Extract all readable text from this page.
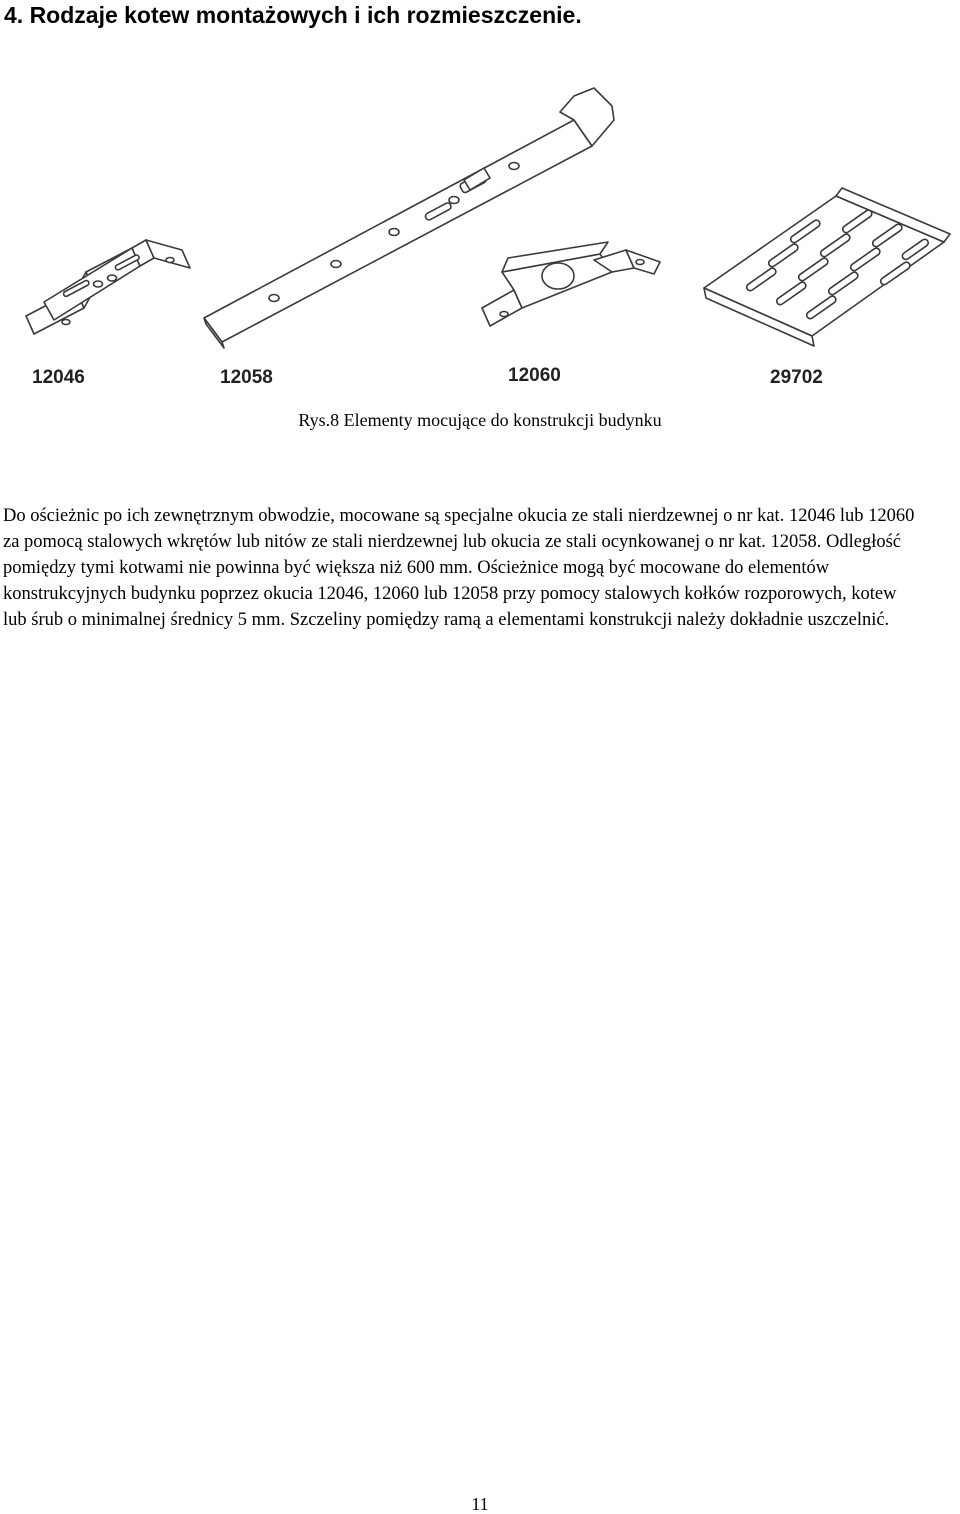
4. Rodzaje kotew montażowych i ich rozmieszczenie.
12046	12058	12060	29702
Rys.8 Elementy mocujące do konstrukcji budynku

Do ościeżnic po ich zewnętrznym obwodzie, mocowane są specjalne okucia ze stali nierdzewnej o nr kat. 12046 lub 12060 za pomocą stalowych wkrętów lub nitów ze stali nierdzewnej lub okucia ze stali ocynkowanej o nr kat. 12058. Odległość pomiędzy tymi kotwami nie powinna być większa niż 600 mm. Ościeżnice mogą być mocowane do elementów konstrukcyjnych budynku poprzez okucia 12046, 12060 lub 12058 przy pomocy stalowych kołków rozporowych, kotew lub śrub o minimalnej średnicy 5 mm. Szczeliny pomiędzy ramą a elementami konstrukcji należy dokładnie uszczelnić.

11
